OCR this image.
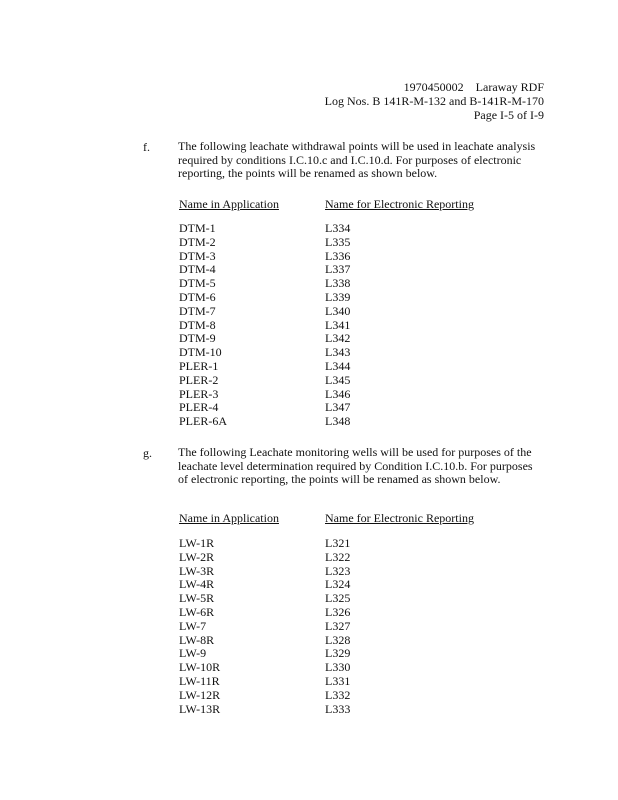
1970450002    Laraway RDF
Log Nos. B 141R-M-132 and B-141R-M-170
Page I-5 of I-9
f. The following leachate withdrawal points will be used in leachate analysis required by conditions I.C.10.c and I.C.10.d. For purposes of electronic reporting, the points will be renamed as shown below.
Name in Application	Name for Electronic Reporting
DTM-1
DTM-2
DTM-3
DTM-4
DTM-5
DTM-6
DTM-7
DTM-8
DTM-9
DTM-10
PLER-1
PLER-2
PLER-3
PLER-4
PLER-6A
L334
L335
L336
L337
L338
L339
L340
L341
L342
L343
L344
L345
L346
L347
L348
g. The following Leachate monitoring wells will be used for purposes of the leachate level determination required by Condition I.C.10.b. For purposes of electronic reporting, the points will be renamed as shown below.
Name in Application	Name for Electronic Reporting
LW-1R
LW-2R
LW-3R
LW-4R
LW-5R
LW-6R
LW-7
LW-8R
LW-9
LW-10R
LW-11R
LW-12R
LW-13R
L321
L322
L323
L324
L325
L326
L327
L328
L329
L330
L331
L332
L333
